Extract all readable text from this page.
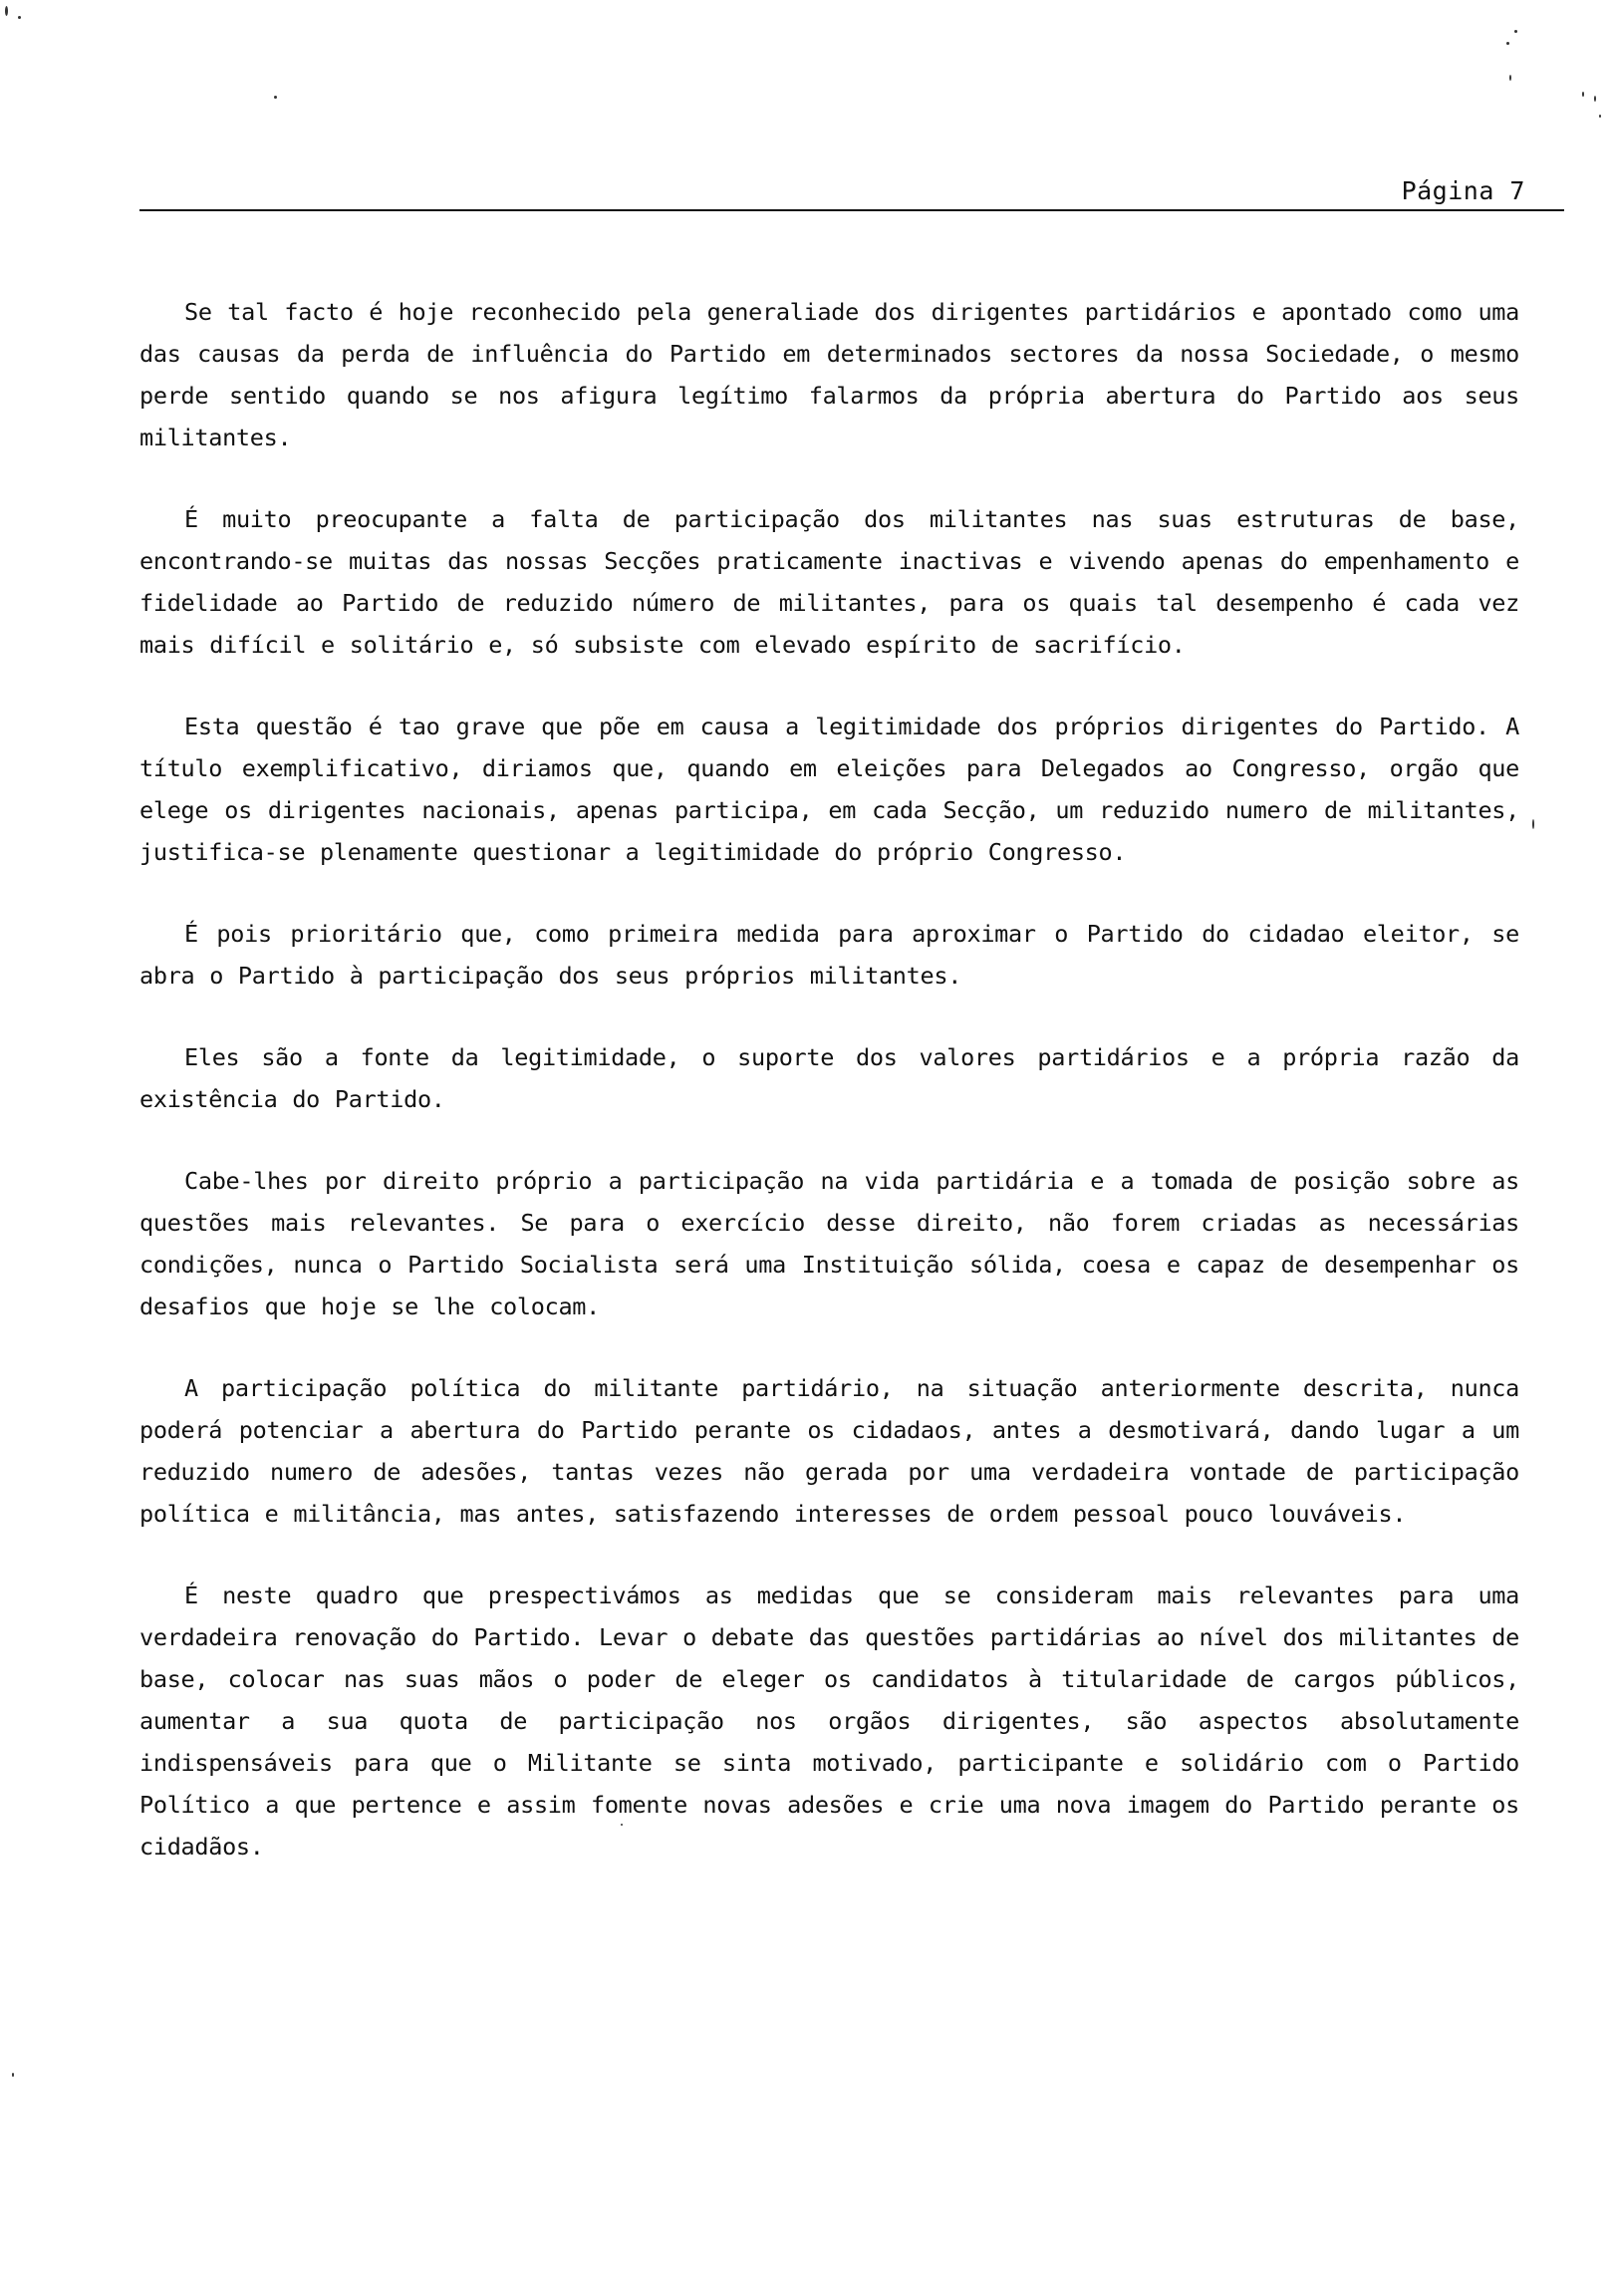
Página 7

Se tal facto é hoje reconhecido pela generaliade dos dirigentes partidários e apontado como uma das causas da perda de influência do Partido em determinados sectores da nossa Sociedade, o mesmo perde sentido quando se nos afigura legítimo falarmos da própria abertura do Partido aos seus militantes.

É muito preocupante a falta de participação dos militantes nas suas estruturas de base, encontrando-se muitas das nossas Secções praticamente inactivas e vivendo apenas do empenhamento e fidelidade ao Partido de reduzido número de militantes, para os quais tal desempenho é cada vez mais difícil e solitário e, só subsiste com elevado espírito de sacrifício.

Esta questão é tao grave que põe em causa a legitimidade dos próprios dirigentes do Partido. A título exemplificativo, diriamos que, quando em eleições para Delegados ao Congresso, orgão que elege os dirigentes nacionais, apenas participa, em cada Secção, um reduzido numero de militantes, justifica-se plenamente questionar a legitimidade do próprio Congresso.

É pois prioritário que, como primeira medida para aproximar o Partido do cidadao eleitor, se abra o Partido à participação dos seus próprios militantes.

Eles são a fonte da legitimidade, o suporte dos valores partidários e a própria razão da existência do Partido.

Cabe-lhes por direito próprio a participação na vida partidária e a tomada de posição sobre as questões mais relevantes. Se para o exercício desse direito, não forem criadas as necessárias condições, nunca o Partido Socialista será uma Instituição sólida, coesa e capaz de desempenhar os desafios que hoje se lhe colocam.

A participação política do militante partidário, na situação anteriormente descrita, nunca poderá potenciar a abertura do Partido perante os cidadaos, antes a desmotivará, dando lugar a um reduzido numero de adesões, tantas vezes não gerada por uma verdadeira vontade de participação política e militância, mas antes, satisfazendo interesses de ordem pessoal pouco louváveis.

É neste quadro que prespectivámos as medidas que se consideram mais relevantes para uma verdadeira renovação do Partido. Levar o debate das questões partidárias ao nível dos militantes de base, colocar nas suas mãos o poder de eleger os candidatos à titularidade de cargos públicos, aumentar a sua quota de participação nos orgãos dirigentes, são aspectos absolutamente indispensáveis para que o Militante se sinta motivado, participante e solidário com o Partido Político a que pertence e assim fomente novas adesões e crie uma nova imagem do Partido perante os cidadãos.
